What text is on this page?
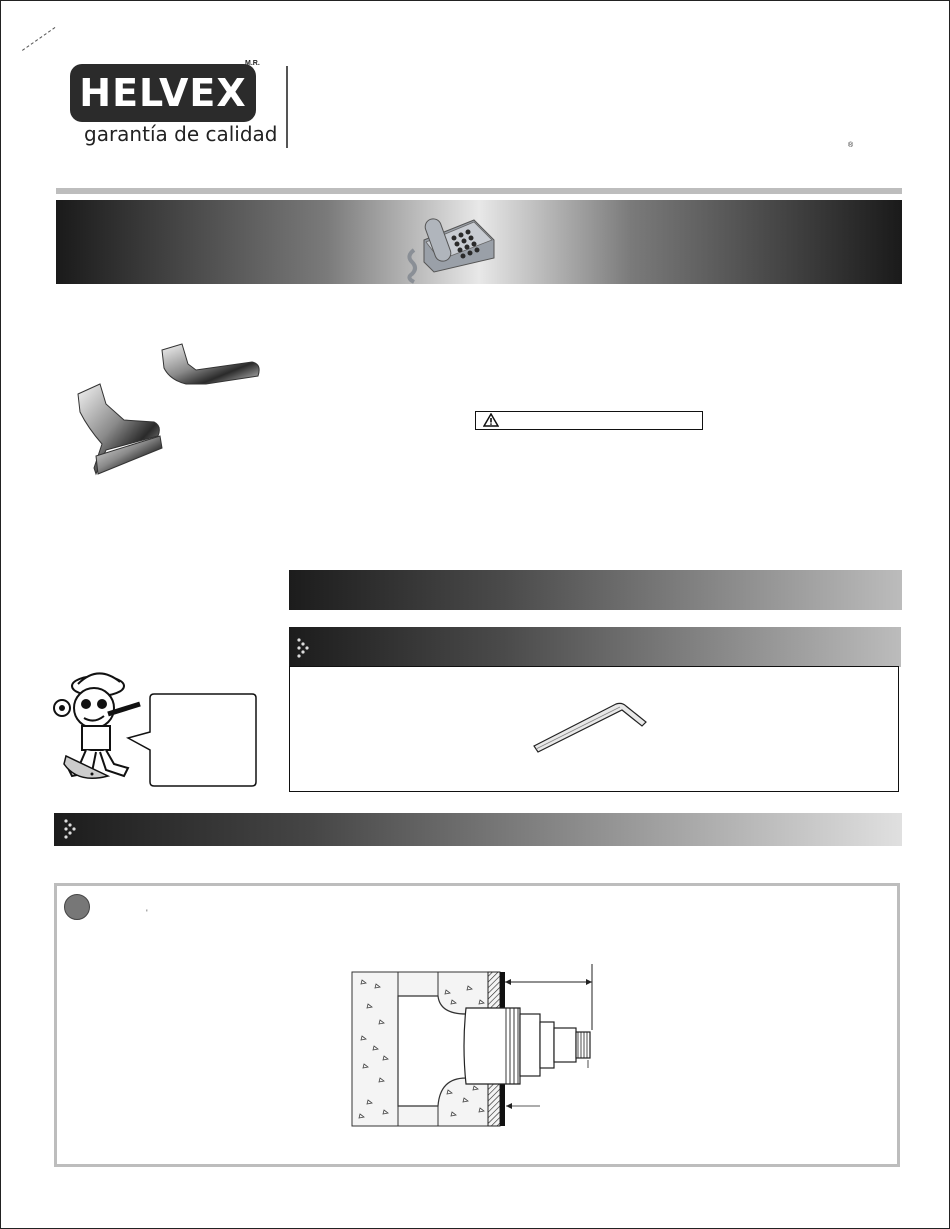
HELVEX
M.R.
garantía de calidad	®
'
